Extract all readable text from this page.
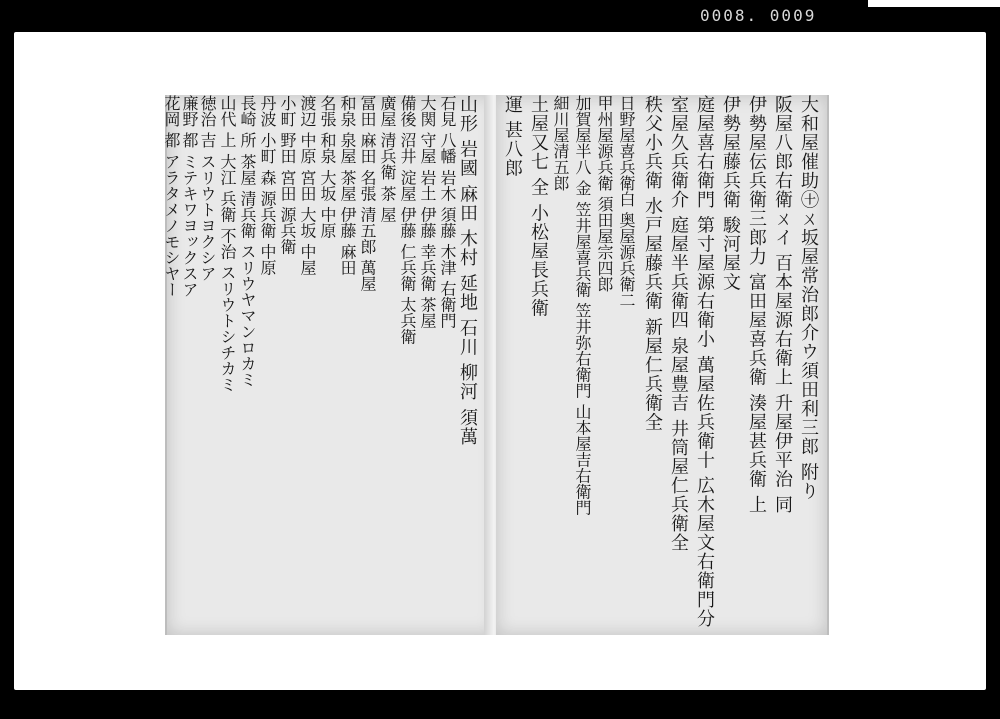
0008. 0009
山形 岩國 麻田 木村 延地 石川 柳河 須萬
石見 八幡 岩木 須藤 木津 右衛門
大関 守屋 岩土 伊藤 幸兵衛 茶屋
備後 沼井 淀屋 伊藤 仁兵衛 太兵衛
廣屋 清兵衛 茶 屋
冨田 麻田 名張 清五郎 萬屋
和泉 泉屋 茶屋 伊藤 麻田
名張 和泉 大坂 中原
渡辺 中原 宮田 大坂 中屋
小町 野田 宮田 源兵衛
丹波 小町 森 源兵衛 中原
長崎 所 茶屋 清兵衛 スリウヤマンロカミ
山代 上 大江 兵衛 不治 スリウトシチカミ
徳治 吉 スリウトヨクシア
廉野 都 ミテキワヨックスア
花岡 都 アラタメノモシヤー	大和屋催助㊉ㄨ坂屋常治郎介ウ須田利三郎 附り
阪屋八郎右衛ㄨイ 百本屋源右衛上 升屋伊平治 同
伊勢屋伝兵衛三郎力 富田屋喜兵衛 湊屋甚兵衛 上
伊勢屋藤兵衛 駿河屋文
庭屋喜右衛門 第寸屋源右衛小 萬屋佐兵衛十 広木屋文右衛門分
室屋久兵衛介 庭屋半兵衛四 泉屋豊吉 井筒屋仁兵衛全
秩父小兵衛 水戸屋藤兵衛 新屋仁兵衛全
日野屋喜兵衛白 奥屋源兵衛二
甲州屋源兵衛 須田屋宗四郎
加賀屋半八 金 笠井屋喜兵衛 笠井弥右衛門 山本屋吉右衛門
細川屋清五郎
土屋又七 全 小松屋長兵衛
運 甚八郎
